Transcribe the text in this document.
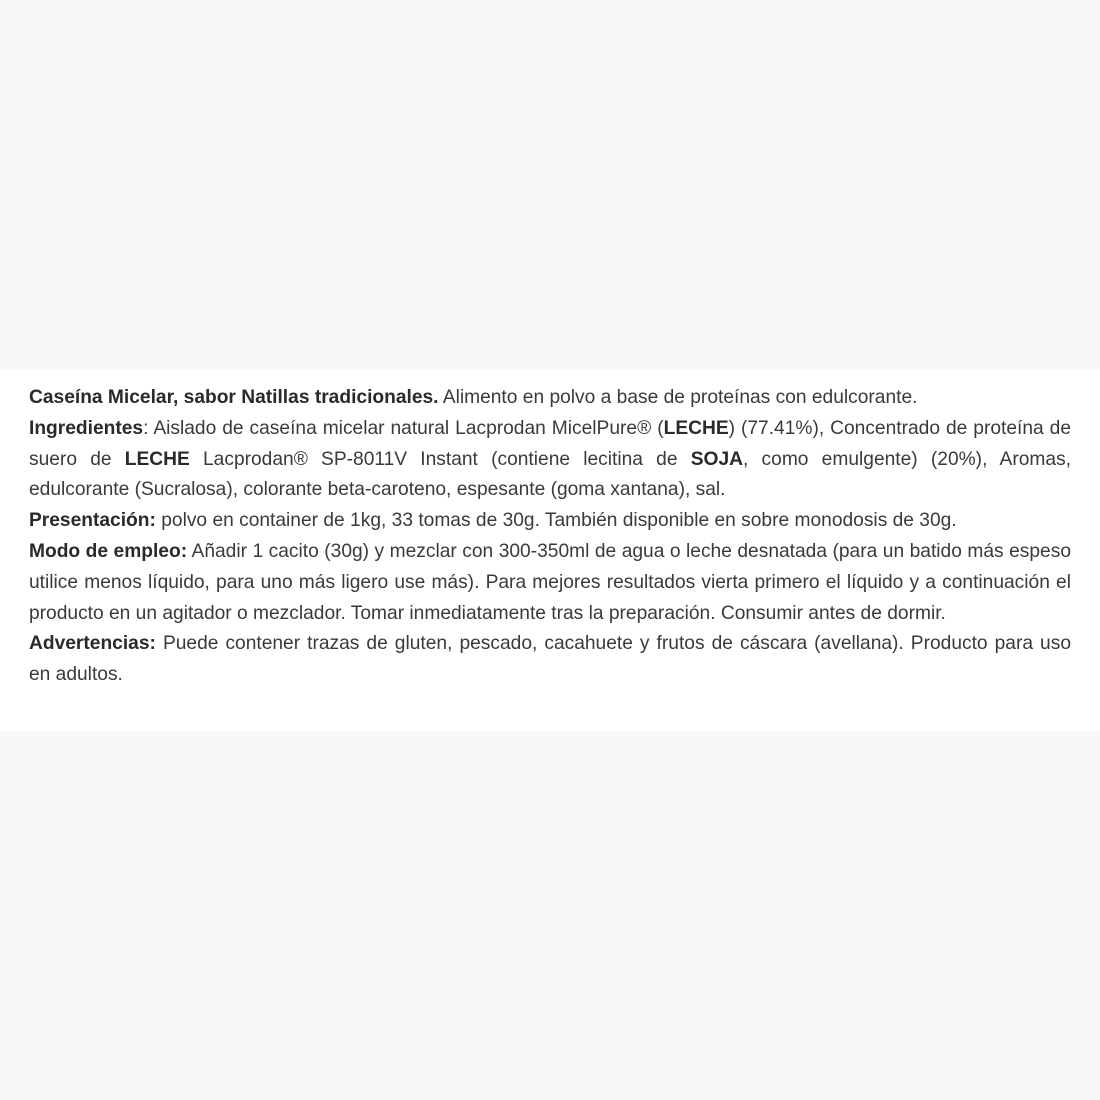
Caseína Micelar, sabor Natillas tradicionales. Alimento en polvo a base de proteínas con edulcorante.

Ingredientes: Aislado de caseína micelar natural Lacprodan MicelPure® (LECHE) (77.41%), Concentrado de proteína de suero de LECHE Lacprodan® SP-8011V Instant (contiene lecitina de SOJA, como emulgente) (20%), Aromas, edulcorante (Sucralosa), colorante beta-caroteno, espesante (goma xantana), sal.

Presentación: polvo en container de 1kg, 33 tomas de 30g. También disponible en sobre monodosis de 30g.

Modo de empleo: Añadir 1 cacito (30g) y mezclar con 300-350ml de agua o leche desnatada (para un batido más espeso utilice menos líquido, para uno más ligero use más). Para mejores resultados vierta primero el líquido y a continuación el producto en un agitador o mezclador. Tomar inmediatamente tras la preparación. Consumir antes de dormir.

Advertencias: Puede contener trazas de gluten, pescado, cacahuete y frutos de cáscara (avellana). Producto para uso en adultos.
